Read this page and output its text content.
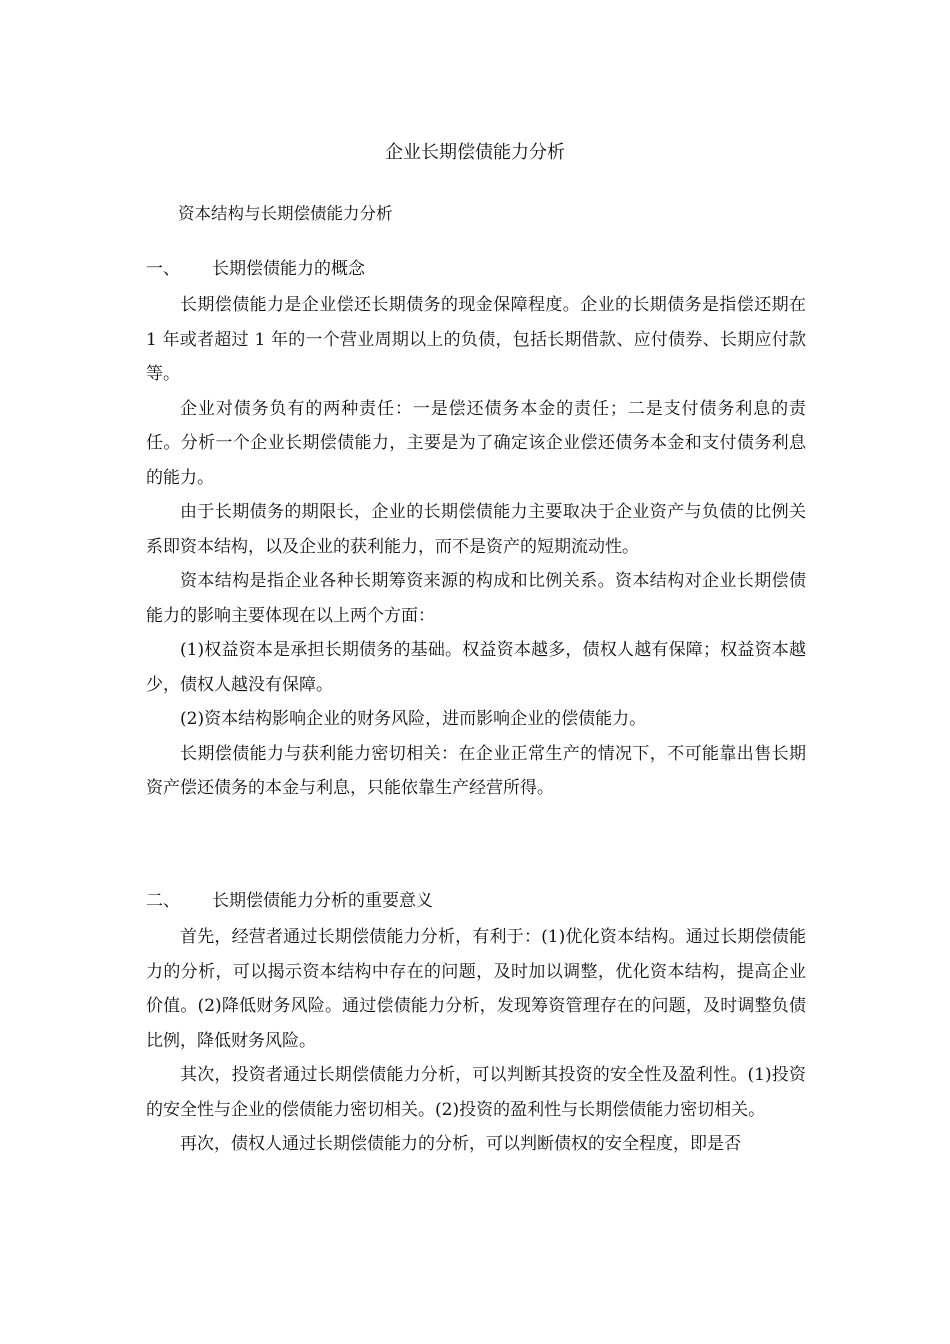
企业长期偿债能力分析
资本结构与长期偿债能力分析
一、	长期偿债能力的概念

长期偿债能力是企业偿还长期债务的现金保障程度。企业的长期债务是指偿还期在 1 年或者超过 1 年的一个营业周期以上的负债，包括长期借款、应付债券、长期应付款等。

企业对债务负有的两种责任：一是偿还债务本金的责任；二是支付债务利息的责任。分析一个企业长期偿债能力，主要是为了确定该企业偿还债务本金和支付债务利息的能力。

由于长期债务的期限长，企业的长期偿债能力主要取决于企业资产与负债的比例关系即资本结构，以及企业的获利能力，而不是资产的短期流动性。

资本结构是指企业各种长期筹资来源的构成和比例关系。资本结构对企业长期偿债能力的影响主要体现在以上两个方面：

(1)权益资本是承担长期债务的基础。权益资本越多，债权人越有保障；权益资本越少，债权人越没有保障。

(2)资本结构影响企业的财务风险，进而影响企业的偿债能力。

长期偿债能力与获利能力密切相关：在企业正常生产的情况下，不可能靠出售长期资产偿还债务的本金与利息，只能依靠生产经营所得。

二、	长期偿债能力分析的重要意义

首先，经营者通过长期偿债能力分析，有利于：(1)优化资本结构。通过长期偿债能力的分析，可以揭示资本结构中存在的问题，及时加以调整，优化资本结构，提高企业价值。(2)降低财务风险。通过偿债能力分析，发现筹资管理存在的问题，及时调整负债比例，降低财务风险。

其次，投资者通过长期偿债能力分析，可以判断其投资的安全性及盈利性。(1)投资的安全性与企业的偿债能力密切相关。(2)投资的盈利性与长期偿债能力密切相关。

再次，债权人通过长期偿债能力的分析，可以判断债权的安全程度，即是否
